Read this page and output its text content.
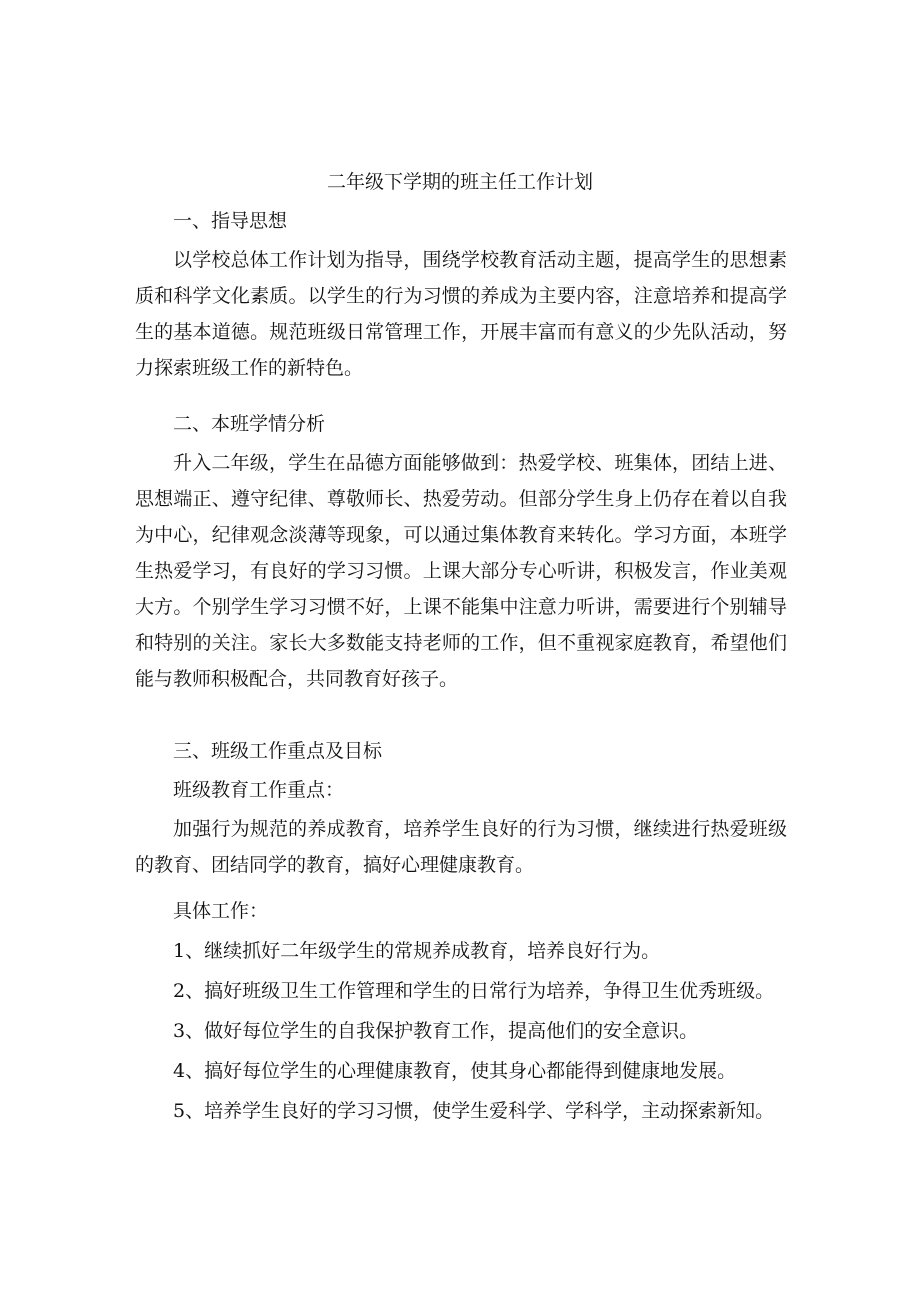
二年级下学期的班主任工作计划

一、指导思想

以学校总体工作计划为指导，围绕学校教育活动主题，提高学生的思想素质和科学文化素质。以学生的行为习惯的养成为主要内容，注意培养和提高学生的基本道德。规范班级日常管理工作，开展丰富而有意义的少先队活动，努力探索班级工作的新特色。

二、本班学情分析

升入二年级，学生在品德方面能够做到：热爱学校、班集体，团结上进、思想端正、遵守纪律、尊敬师长、热爱劳动。但部分学生身上仍存在着以自我为中心，纪律观念淡薄等现象，可以通过集体教育来转化。学习方面，本班学生热爱学习，有良好的学习习惯。上课大部分专心听讲，积极发言，作业美观大方。个别学生学习习惯不好，上课不能集中注意力听讲，需要进行个别辅导和特别的关注。家长大多数能支持老师的工作，但不重视家庭教育，希望他们能与教师积极配合，共同教育好孩子。

三、班级工作重点及目标

班级教育工作重点：

加强行为规范的养成教育，培养学生良好的行为习惯，继续进行热爱班级的教育、团结同学的教育，搞好心理健康教育。

具体工作：

1、继续抓好二年级学生的常规养成教育，培养良好行为。

2、搞好班级卫生工作管理和学生的日常行为培养，争得卫生优秀班级。

3、做好每位学生的自我保护教育工作，提高他们的安全意识。

4、搞好每位学生的心理健康教育，使其身心都能得到健康地发展。

5、培养学生良好的学习习惯，使学生爱科学、学科学，主动探索新知。
